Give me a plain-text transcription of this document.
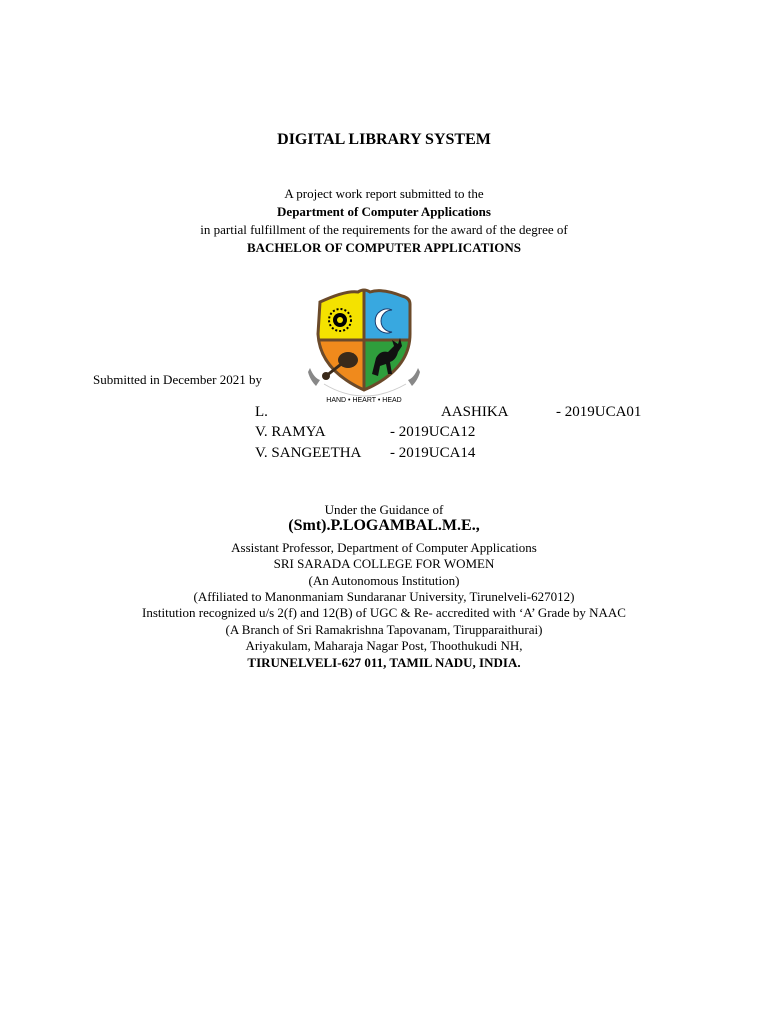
DIGITAL LIBRARY SYSTEM
A project work report submitted to the
Department of Computer Applications
in partial fulfillment of the requirements for the award of the degree of
BACHELOR OF COMPUTER APPLICATIONS
HAND • HEART • HEAD
Submitted in December 2021 by
L.	AASHIKA	- 2019UCA01
V. RAMYA	- 2019UCA12
V. SANGEETHA - 2019UCA14
Under the Guidance of
(Smt).P.LOGAMBAL.M.E.,
Assistant Professor, Department of Computer Applications
SRI SARADA COLLEGE FOR WOMEN
(An Autonomous Institution)
(Affiliated to Manonmaniam Sundaranar University, Tirunelveli-627012)
Institution recognized u/s 2(f) and 12(B) of UGC & Re- accredited with ‘A’ Grade by NAAC
(A Branch of Sri Ramakrishna Tapovanam, Tirupparaithurai)
Ariyakulam, Maharaja Nagar Post, Thoothukudi NH,
TIRUNELVELI-627 011, TAMIL NADU, INDIA.
